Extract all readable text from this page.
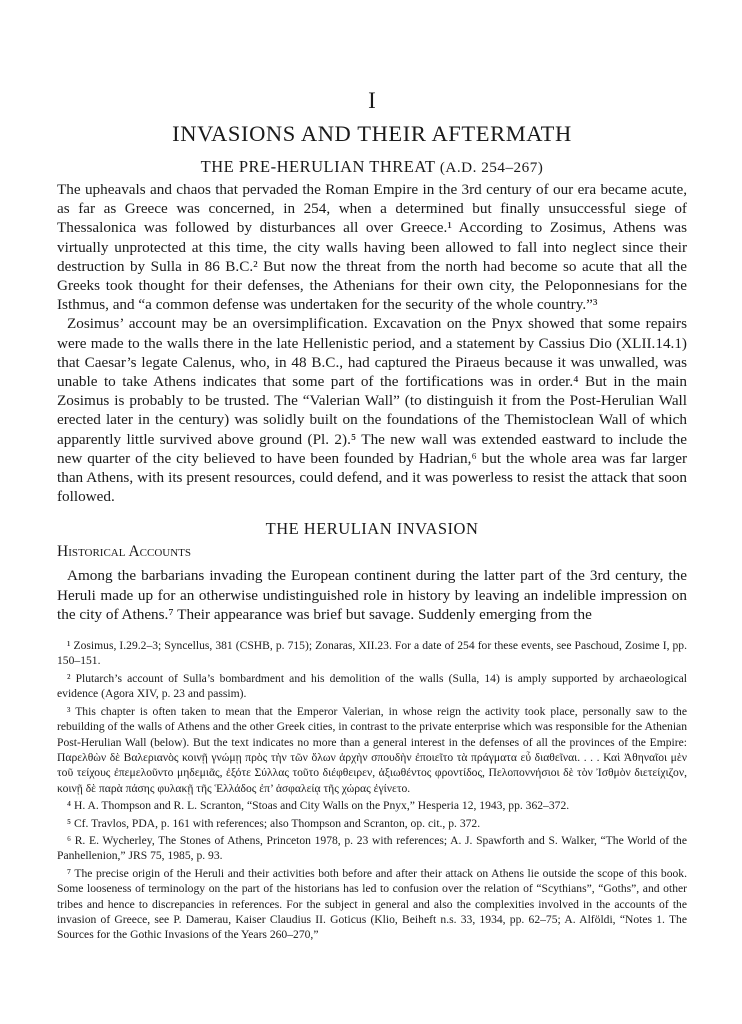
I
INVASIONS AND THEIR AFTERMATH
THE PRE-HERULIAN THREAT (A.D. 254–267)

The upheavals and chaos that pervaded the Roman Empire in the 3rd century of our era became acute, as far as Greece was concerned, in 254, when a determined but finally unsuccessful siege of Thessalonica was followed by disturbances all over Greece.¹ According to Zosimus, Athens was virtually unprotected at this time, the city walls having been allowed to fall into neglect since their destruction by Sulla in 86 B.C.² But now the threat from the north had become so acute that all the Greeks took thought for their defenses, the Athenians for their own city, the Peloponnesians for the Isthmus, and “a common defense was undertaken for the security of the whole country.”³

Zosimus’ account may be an oversimplification. Excavation on the Pnyx showed that some repairs were made to the walls there in the late Hellenistic period, and a statement by Cassius Dio (XLII.14.1) that Caesar’s legate Calenus, who, in 48 B.C., had captured the Piraeus because it was unwalled, was unable to take Athens indicates that some part of the fortifications was in order.⁴ But in the main Zosimus is probably to be trusted. The “Valerian Wall” (to distinguish it from the Post-Herulian Wall erected later in the century) was solidly built on the foundations of the Themistoclean Wall of which apparently little survived above ground (Pl. 2).⁵ The new wall was extended eastward to include the new quarter of the city believed to have been founded by Hadrian,⁶ but the whole area was far larger than Athens, with its present resources, could defend, and it was powerless to resist the attack that soon followed.

THE HERULIAN INVASION
Historical Accounts

Among the barbarians invading the European continent during the latter part of the 3rd century, the Heruli made up for an otherwise undistinguished role in history by leaving an indelible impression on the city of Athens.⁷ Their appearance was brief but savage. Suddenly emerging from the

¹ Zosimus, I.29.2–3; Syncellus, 381 (CSHB, p. 715); Zonaras, XII.23. For a date of 254 for these events, see Paschoud, Zosime I, pp. 150–151.

² Plutarch’s account of Sulla’s bombardment and his demolition of the walls (Sulla, 14) is amply supported by archaeological evidence (Agora XIV, p. 23 and passim).

³ This chapter is often taken to mean that the Emperor Valerian, in whose reign the activity took place, personally saw to the rebuilding of the walls of Athens and the other Greek cities, in contrast to the private enterprise which was responsible for the Athenian Post-Herulian Wall (below). But the text indicates no more than a general interest in the defenses of all the provinces of the Empire: Παρελθὼν δὲ Βαλεριανὸς κοινῇ γνώμῃ πρὸς τὴν τῶν ὅλων ἀρχὴν σπουδὴν ἐποιεῖτο τὰ πράγματα εὖ διαθεῖναι. . . . Καὶ Ἀθηναῖοι μὲν τοῦ τείχους ἐπεμελοῦντο μηδεμιᾶς, ἐξότε Σύλλας τοῦτο διέφθειρεν, ἀξιωθέντος φροντίδος, Πελοποννήσιοι δὲ τὸν Ἰσθμὸν διετείχιζον, κοινῇ δὲ παρὰ πάσης φυλακῇ τῆς Ἑλλάδος ἐπ’ ἀσφαλείᾳ τῆς χώρας ἐγίνετο.

⁴ H. A. Thompson and R. L. Scranton, “Stoas and City Walls on the Pnyx,” Hesperia 12, 1943, pp. 362–372.

⁵ Cf. Travlos, PDA, p. 161 with references; also Thompson and Scranton, op. cit., p. 372.

⁶ R. E. Wycherley, The Stones of Athens, Princeton 1978, p. 23 with references; A. J. Spawforth and S. Walker, “The World of the Panhellenion,” JRS 75, 1985, p. 93.

⁷ The precise origin of the Heruli and their activities both before and after their attack on Athens lie outside the scope of this book. Some looseness of terminology on the part of the historians has led to confusion over the relation of “Scythians”, “Goths”, and other tribes and hence to discrepancies in references. For the subject in general and also the complexities involved in the accounts of the invasion of Greece, see P. Damerau, Kaiser Claudius II. Goticus (Klio, Beiheft n.s. 33, 1934, pp. 62–75; A. Alföldi, “Notes 1. The Sources for the Gothic Invasions of the Years 260–270,”
